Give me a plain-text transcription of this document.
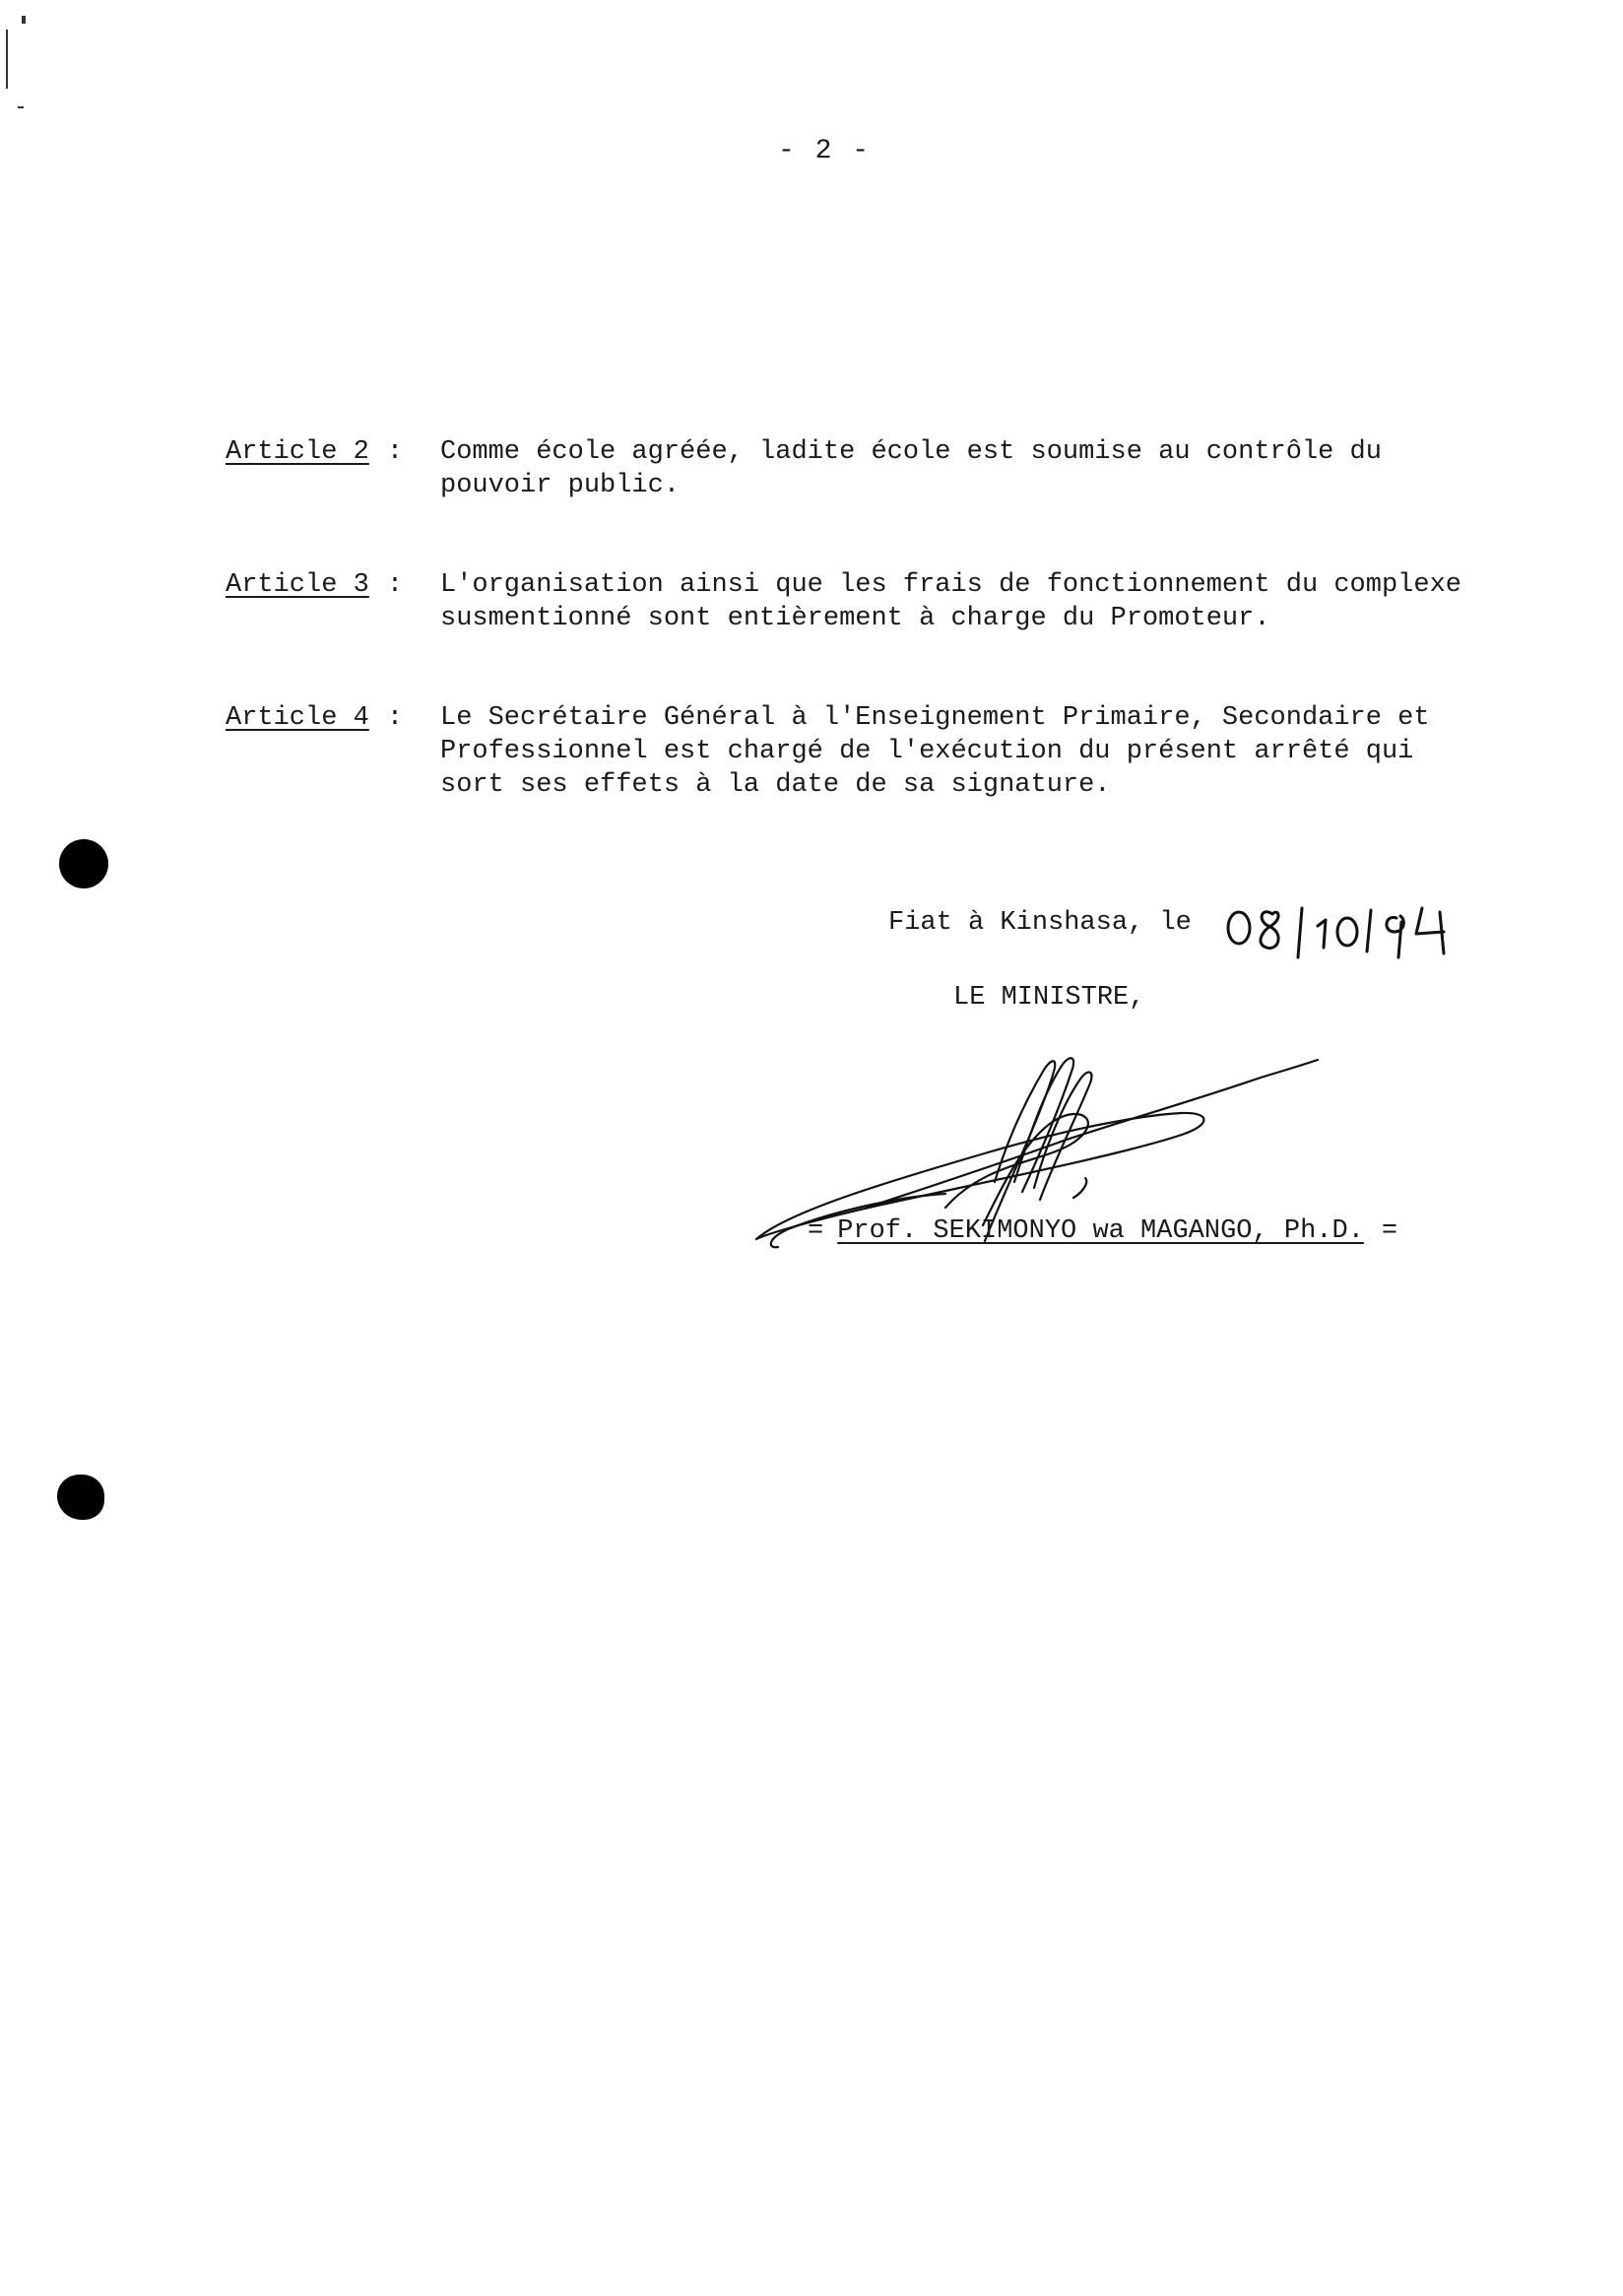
- 2 -
Article 2 : Comme école agréée, ladite école est soumise au contrôle du
pouvoir public.
Article 3 : L'organisation ainsi que les frais de fonctionnement du complexe
susmentionné sont entièrement à charge du Promoteur.
Article 4 : Le Secrétaire Général à l'Enseignement Primaire, Secondaire et
Professionnel est chargé de l'exécution du présent arrêté qui
sort ses effets à la date de sa signature.
Fiat à Kinshasa, le
LE MINISTRE,
= Prof. SEKIMONYO wa MAGANGO, Ph.D. =
